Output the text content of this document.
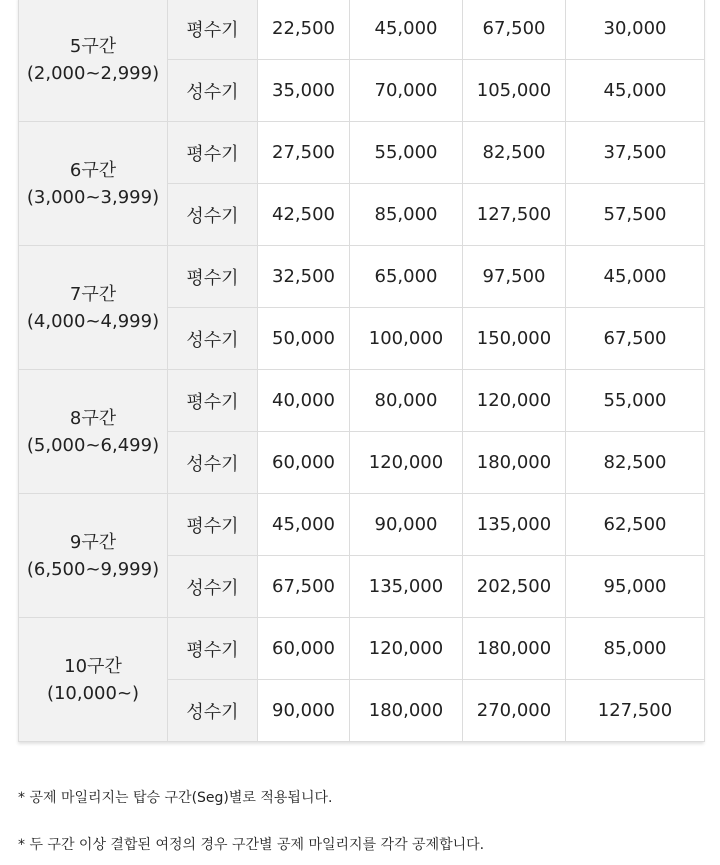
5구간
(2,000~2,999)	평수기	22,500	45,000	67,500	30,000
	성수기	35,000	70,000	105,000	45,000

6구간
(3,000~3,999)	평수기	27,500	55,000	82,500	37,500
	성수기	42,500	85,000	127,500	57,500

7구간
(4,000~4,999)	평수기	32,500	65,000	97,500	45,000
	성수기	50,000	100,000	150,000	67,500

8구간
(5,000~6,499)	평수기	40,000	80,000	120,000	55,000
	성수기	60,000	120,000	180,000	82,500

9구간
(6,500~9,999)	평수기	45,000	90,000	135,000	62,500
	성수기	67,500	135,000	202,500	95,000

10구간
(10,000~)	평수기	60,000	120,000	180,000	85,000
	성수기	90,000	180,000	270,000	127,500

* 공제 마일리지는 탑승 구간(Seg)별로 적용됩니다.

* 두 구간 이상 결합된 여정의 경우 구간별 공제 마일리지를 각각 공제합니다.
